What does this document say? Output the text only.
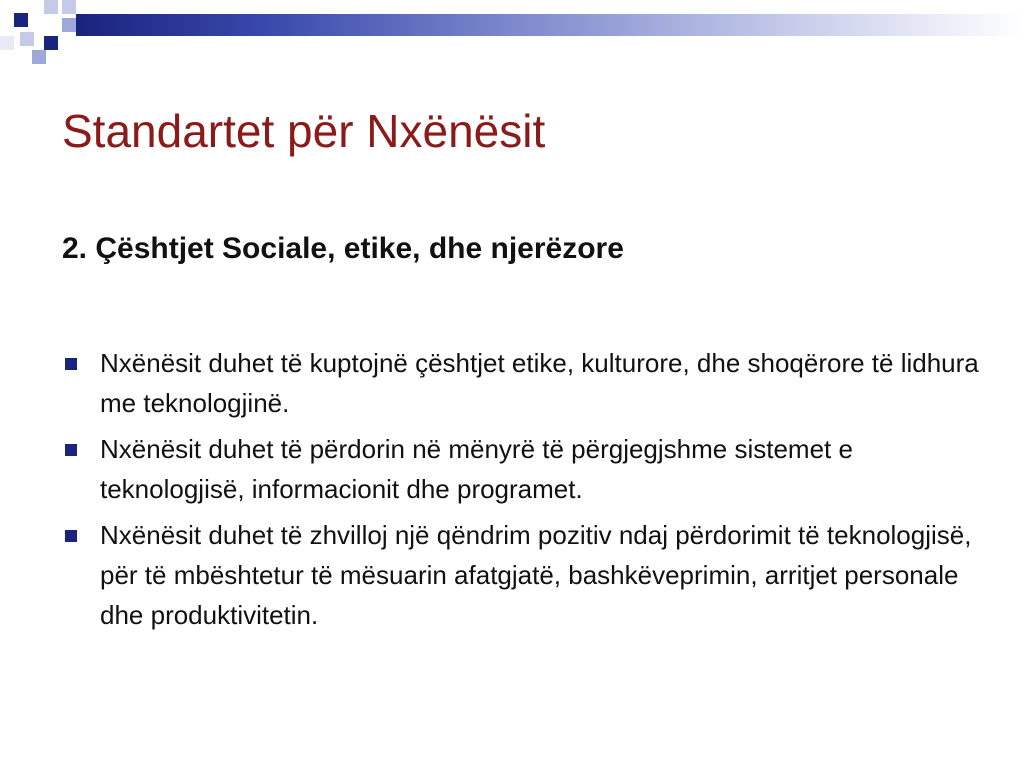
Standartet për Nxënësit
2. Çështjet Sociale, etike, dhe njerëzore
Nxënësit duhet të kuptojnë çështjet etike, kulturore, dhe shoqërore të lidhura me teknologjinë.
Nxënësit duhet të përdorin në mënyrë të përgjegjshme sistemet e teknologjisë, informacionit dhe programet.
Nxënësit duhet të zhvilloj një qëndrim pozitiv ndaj përdorimit të teknologjisë, për të mbështetur të mësuarin afatgjatë, bashkëveprimin, arritjet personale dhe produktivitetin.
